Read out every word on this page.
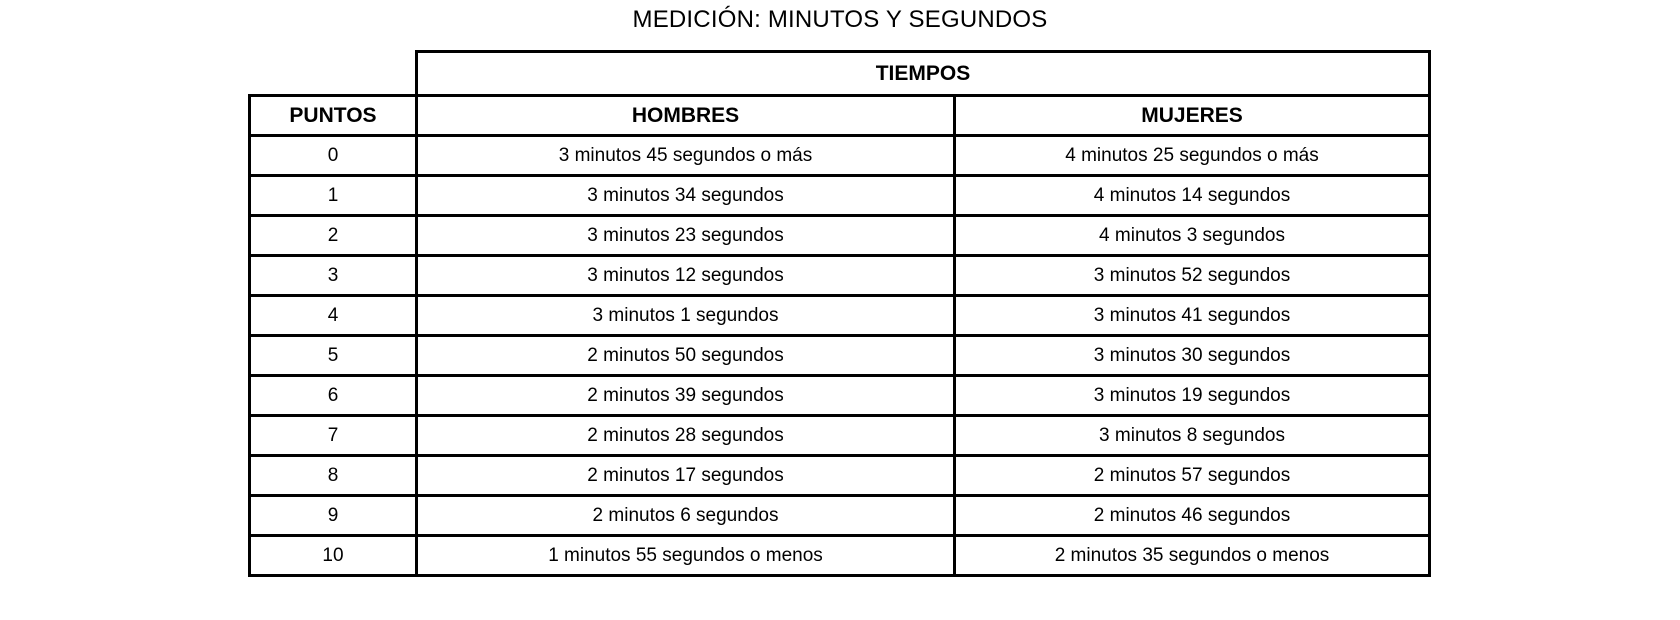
MEDICIÓN: MINUTOS Y SEGUNDOS
	TIEMPOS	
PUNTOS	HOMBRES	MUJERES
0	3 minutos 45 segundos o más	4 minutos 25 segundos o más
1	3 minutos 34 segundos	4 minutos 14 segundos
2	3 minutos 23 segundos	4 minutos 3 segundos
3	3 minutos 12 segundos	3 minutos 52 segundos
4	3 minutos 1 segundos	3 minutos 41 segundos
5	2 minutos 50 segundos	3 minutos 30 segundos
6	2 minutos 39 segundos	3 minutos 19 segundos
7	2 minutos 28 segundos	3 minutos 8 segundos
8	2 minutos 17 segundos	2 minutos 57 segundos
9	2 minutos 6 segundos	2 minutos 46 segundos
10	1 minutos 55 segundos o menos	2 minutos 35 segundos o menos
